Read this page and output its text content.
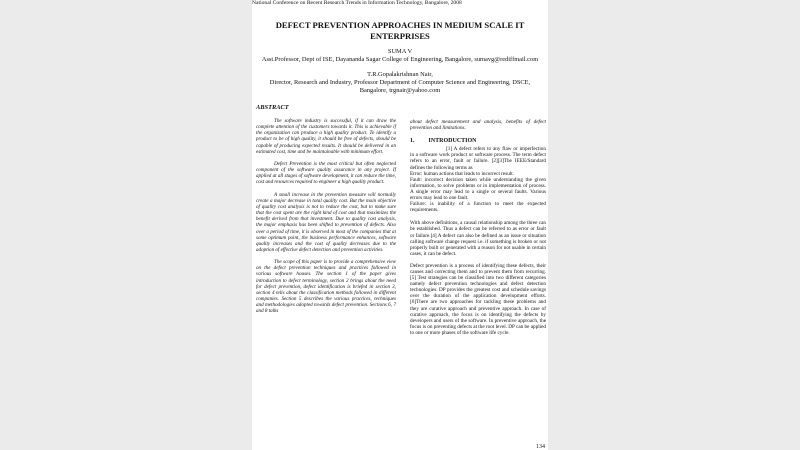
National Conference on Recent Research Trends in Information Technology, Bangalore, 2008
DEFECT PREVENTION APPROACHES IN MEDIUM SCALE IT ENTERPRISES
SUMA V
Asst.Professor, Dept of ISE, Dayananda Sagar College of Engineering, Bangalore, sumavg@rediffmail.com
T.R.Gopalakrishnan Nair,
Director, Research and Industry, Professor Department of Computer Science and Engineering, DSCE, Bangalore, trgnair@yahoo.com
ABSTRACT

The software industry is successful, if it can draw the complete attention of the customers towards it. This is achievable if the organization can produce a high quality product. To identify a product to be of high quality, it should be free of defects, should be capable of producing expected results. It should be delivered in an estimated cost, time and be maintainable with minimum effort.

Defect Prevention is the most critical but often neglected component of the software quality assurance in any project. If applied at all stages of software development, it can reduce the time, cost and resources required to engineer a high quality product.

A small increase in the prevention measure will normally create a major decrease in total quality cost. But the main objective of quality cost analysis is not to reduce the cost, but to make sure that the cost spent are the right kind of cost and that maximizes the benefit derived from that investment. Due to quality cost analysis, the major emphasis has been shifted to prevention of defects. Also over a period of time, it is observed in most of the companies that at some optimum point, the business performance enhances, software quality increases and the cost of quality decreases due to the adoption of effective defect detection and prevention activities.

The scope of this paper is to provide a comprehensive view on the defect prevention techniques and practices followed in various software houses. The section 1 of the paper gives introduction to defect terminology, section 2 brings about the need for defect prevention, defect identification is briefed in section 3, section 4 tells about the classification methods followed in different companies. Section 5 describes the various practices, techniques and methodologies adopted towards defect prevention. Sections 6, 7 and 8 talks

about defect measurement and analysis, benefits of defect prevention and limitations.

1. INTRODUCTION

[1] A defect refers to any flaw or imperfection in a software work product or software process. The term defect refers to an error, fault or failure. [2][3]The IEEE/Standard defines the following terms as

Error: human actions that leads to incorrect result.

Fault: incorrect decision taken while understanding the given information, to solve problems or in implementation of process. A single error may lead to a single or several faults. Various errors may lead to one fault.

Failure: is inability of a function to meet the expected requirements.

With above definitions, a causal relationship among the three can be established. Thus a defect can be referred to as error or fault or failure.[4] A defect can also be defined as an issue or situation calling software change request i.e. if something is broken or not properly built or generated with a reason for not usable in certain cases, it can be defect.

Defect prevention is a process of identifying these defects, their causes and correcting them and to prevent them from recurring. [5] Test strategies can be classified into two different categories namely defect prevention technologies and defect detection technologies. DP provides the greatest cost and schedule savings over the duration of the application development efforts. [6]There are two approaches for tackling these problems and they are curative approach and preventive approach. In case of curative approach, the focus is on identifying the defects by developers and users of the software. In preventive approach, the focus is on preventing defects at the root level. DP can be applied to one or more phases of the software life cycle.

134
